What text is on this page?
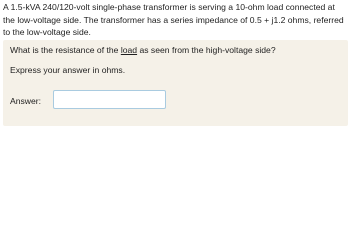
A 1.5-kVA 240/120-volt single-phase transformer is serving a 10-ohm load connected at the low-voltage side. The transformer has a series impedance of 0.5 + j1.2 ohms, referred to the low-voltage side.

What is the resistance of the load as seen from the high-voltage side?

Express your answer in ohms.

Answer:
